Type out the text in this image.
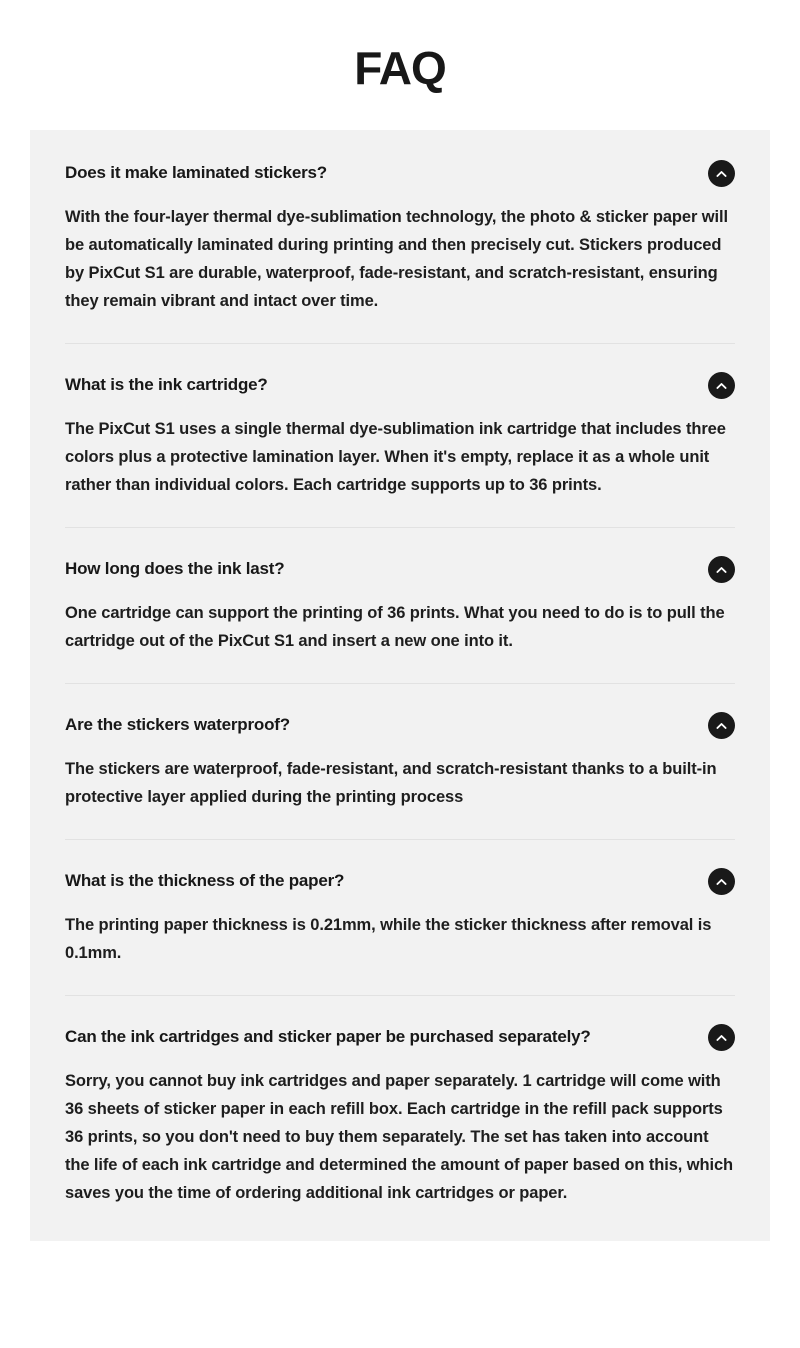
FAQ
Does it make laminated stickers?

With the four-layer thermal dye-sublimation technology, the photo & sticker paper will be automatically laminated during printing and then precisely cut. Stickers produced by PixCut S1 are durable, waterproof, fade-resistant, and scratch-resistant, ensuring they remain vibrant and intact over time.

What is the ink cartridge?

The PixCut S1 uses a single thermal dye-sublimation ink cartridge that includes three colors plus a protective lamination layer. When it's empty, replace it as a whole unit rather than individual colors. Each cartridge supports up to 36 prints.

How long does the ink last?

One cartridge can support the printing of 36 prints. What you need to do is to pull the cartridge out of the PixCut S1 and insert a new one into it.

Are the stickers waterproof?

The stickers are waterproof, fade-resistant, and scratch-resistant thanks to a built-in protective layer applied during the printing process

What is the thickness of the paper?

The printing paper thickness is 0.21mm, while the sticker thickness after removal is 0.1mm.

Can the ink cartridges and sticker paper be purchased separately?

Sorry, you cannot buy ink cartridges and paper separately. 1 cartridge will come with 36 sheets of sticker paper in each refill box. Each cartridge in the refill pack supports 36 prints, so you don't need to buy them separately. The set has taken into account the life of each ink cartridge and determined the amount of paper based on this, which saves you the time of ordering additional ink cartridges or paper.
